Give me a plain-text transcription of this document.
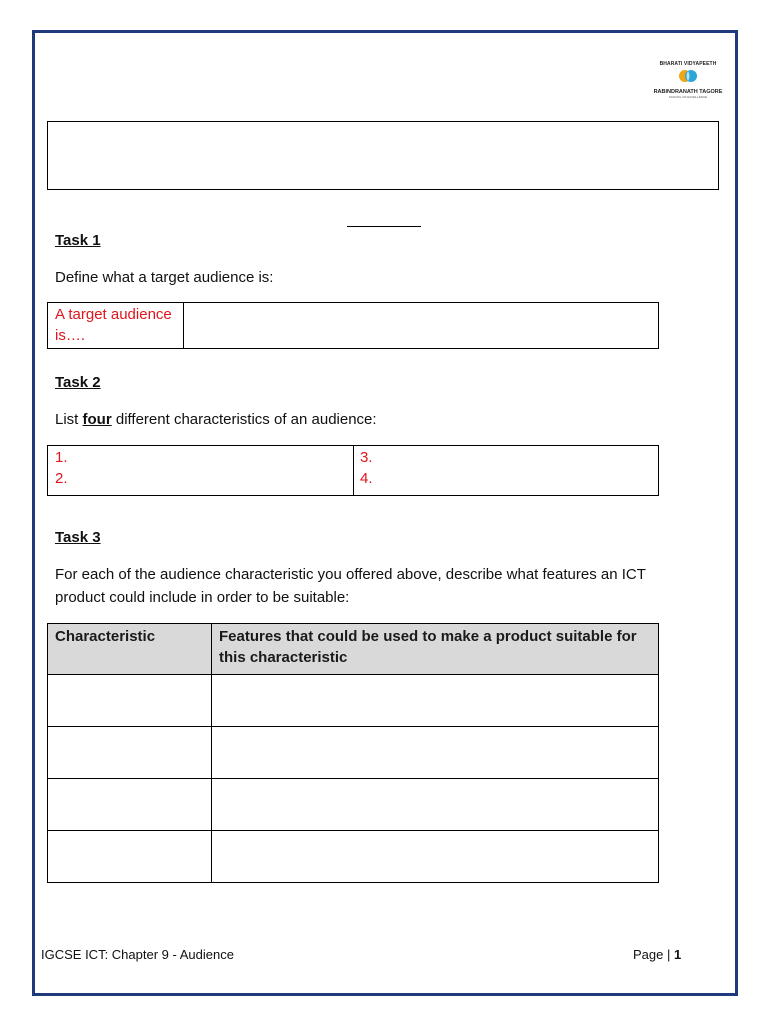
BHARATI VIDYAPEETH
RABINDRANATH TAGORE
SCHOOL OF EXCELLENCE
Task 1
Define what a target audience is:
A target audience is….
Task 2
List four different characteristics of an audience:
1.
2.
3.
4.
Task 3
For each of the audience characteristic you offered above, describe what features an ICT
product could include in order to be suitable:
Characteristic	Features that could be used to make a product suitable for this characteristic

IGCSE ICT: Chapter 9 - Audience	Page | 1
